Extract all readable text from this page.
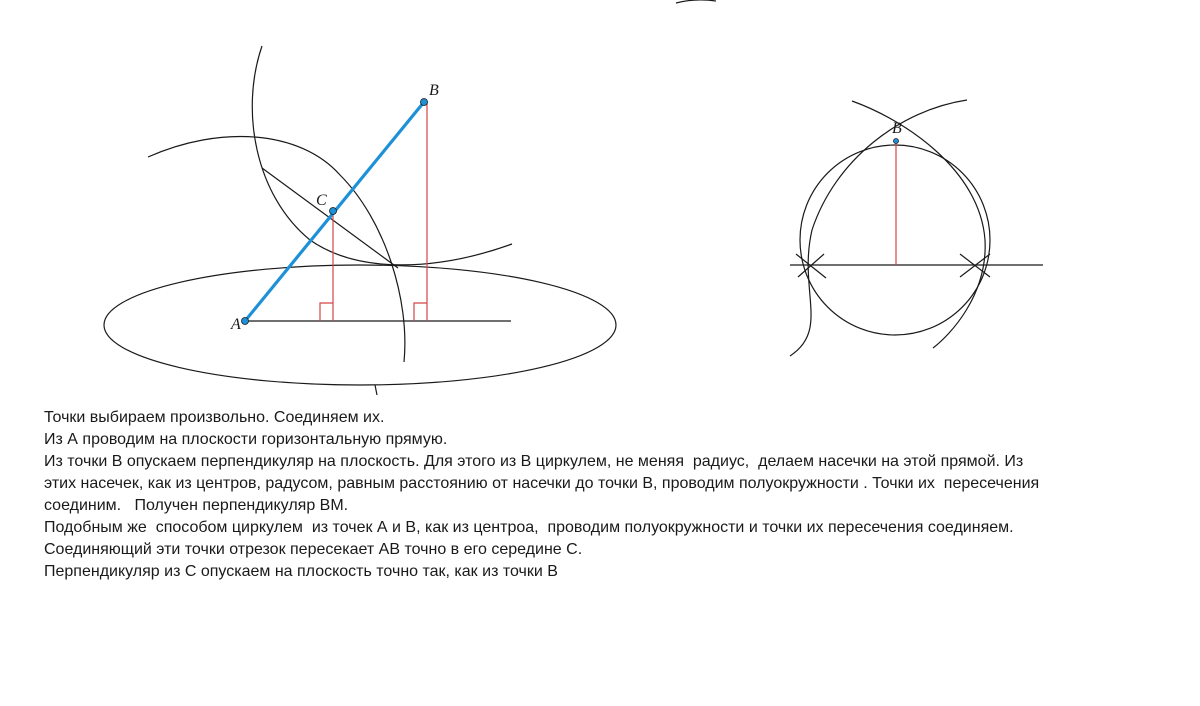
A
B
C
B
Точки выбираем произвольно. Соединяем их.
Из А проводим на плоскости горизонтальную прямую.
Из точки В опускаем перпендикуляр на плоскость. Для этого из В циркулем, не меняя  радиус,  делаем насечки на этой прямой. Из
этих насечек, как из центров, радусом, равным расстоянию от насечки до точки В, проводим полуокружности . Точки их  пересечения
соединим.   Получен перпендикуляр ВМ.
Подобным же  способом циркулем  из точек А и В, как из центроа,  проводим полуокружности и точки их пересечения соединяем.
Соединяющий эти точки отрезок пересекает АВ точно в его середине С.
Перпендикуляр из С опускаем на плоскость точно так, как из точки В
